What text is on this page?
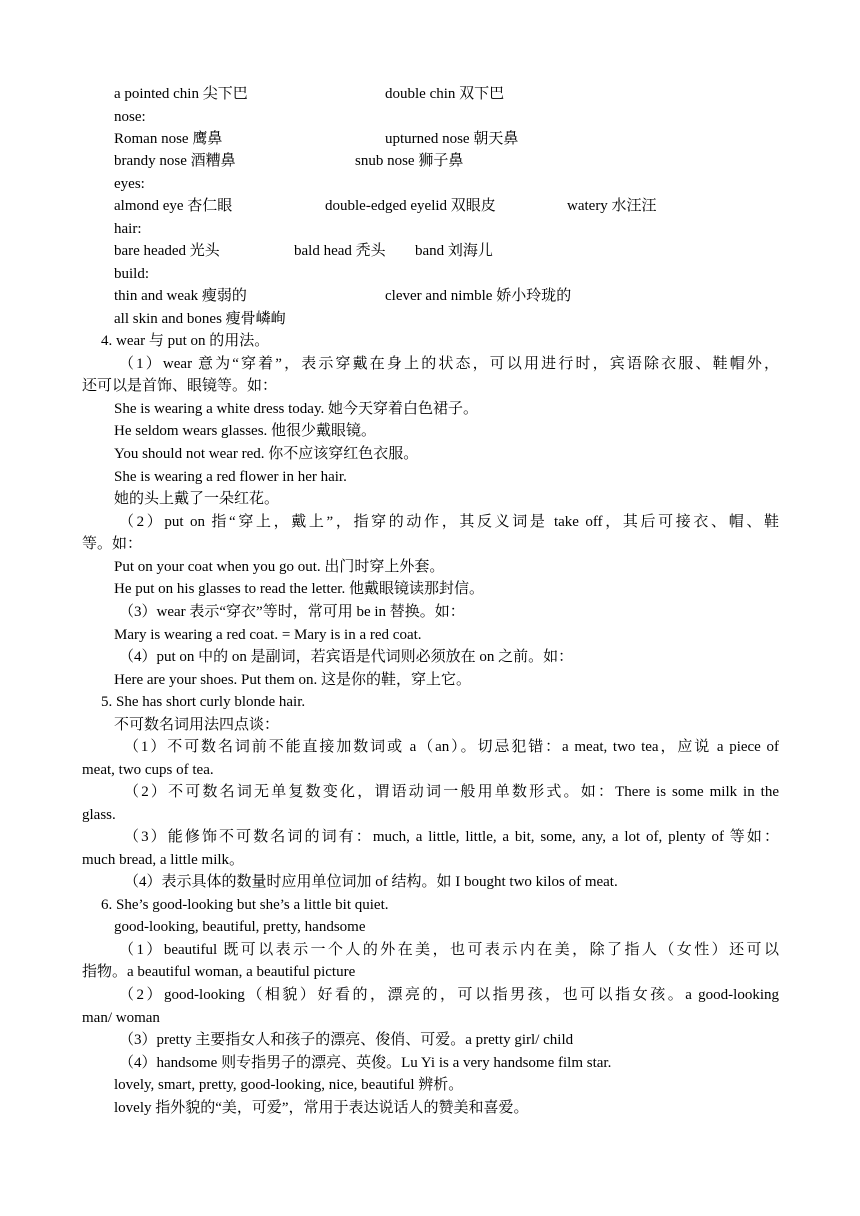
a pointed chin 尖下巴	double chin 双下巴
nose:
Roman nose 鹰鼻	upturned nose 朝天鼻
brandy nose 酒糟鼻	snub nose 狮子鼻
eyes:
almond eye 杏仁眼	double-edged eyelid 双眼皮	watery 水汪汪
hair:
bare headed 光头	bald head 秃头 band 刘海儿
build:
thin and weak 瘦弱的	clever and nimble 娇小玲珑的
all skin and bones 瘦骨嶙峋
4. wear 与 put on 的用法。
（1）wear 意为“穿着”，表示穿戴在身上的状态，可以用进行时，宾语除衣服、鞋帽外，
还可以是首饰、眼镜等。如：
She is wearing a white dress today. 她今天穿着白色裙子。
He seldom wears glasses. 他很少戴眼镜。
You should not wear red. 你不应该穿红色衣服。
She is wearing a red flower in her hair.
她的头上戴了一朵红花。
（2）put on 指“穿上，戴上”，指穿的动作，其反义词是 take off，其后可接衣、帽、鞋
等。如：
Put on your coat when you go out. 出门时穿上外套。
He put on his glasses to read the letter. 他戴眼镜读那封信。
（3）wear 表示“穿衣”等时，常可用 be in 替换。如：
Mary is wearing a red coat. = Mary is in a red coat.
（4）put on 中的 on 是副词，若宾语是代词则必须放在 on 之前。如：
Here are your shoes. Put them on. 这是你的鞋，穿上它。
5. She has short curly blonde hair.
不可数名词用法四点谈：
（1）不可数名词前不能直接加数词或 a（an）。切忌犯错：a meat, two tea，应说 a piece of
meat, two cups of tea.
（2）不可数名词无单复数变化，谓语动词一般用单数形式。如：There is some milk in the
glass.
（3）能修饰不可数名词的词有：much, a little, little, a bit, some, any, a lot of, plenty of 等如：
much bread, a little milk。
（4）表示具体的数量时应用单位词加 of 结构。如 I bought two kilos of meat.
6. She’s good-looking but she’s a little bit quiet.
good-looking, beautiful, pretty, handsome
（1）beautiful 既可以表示一个人的外在美，也可表示内在美，除了指人（女性）还可以
指物。a beautiful woman, a beautiful picture
（2）good-looking（相貌）好看的，漂亮的，可以指男孩，也可以指女孩。a good-looking
man/ woman
（3）pretty 主要指女人和孩子的漂亮、俊俏、可爱。a pretty girl/ child
（4）handsome 则专指男子的漂亮、英俊。Lu Yi is a very handsome film star.
lovely, smart, pretty, good-looking, nice, beautiful 辨析。
lovely 指外貌的“美，可爱”，常用于表达说话人的赞美和喜爱。
